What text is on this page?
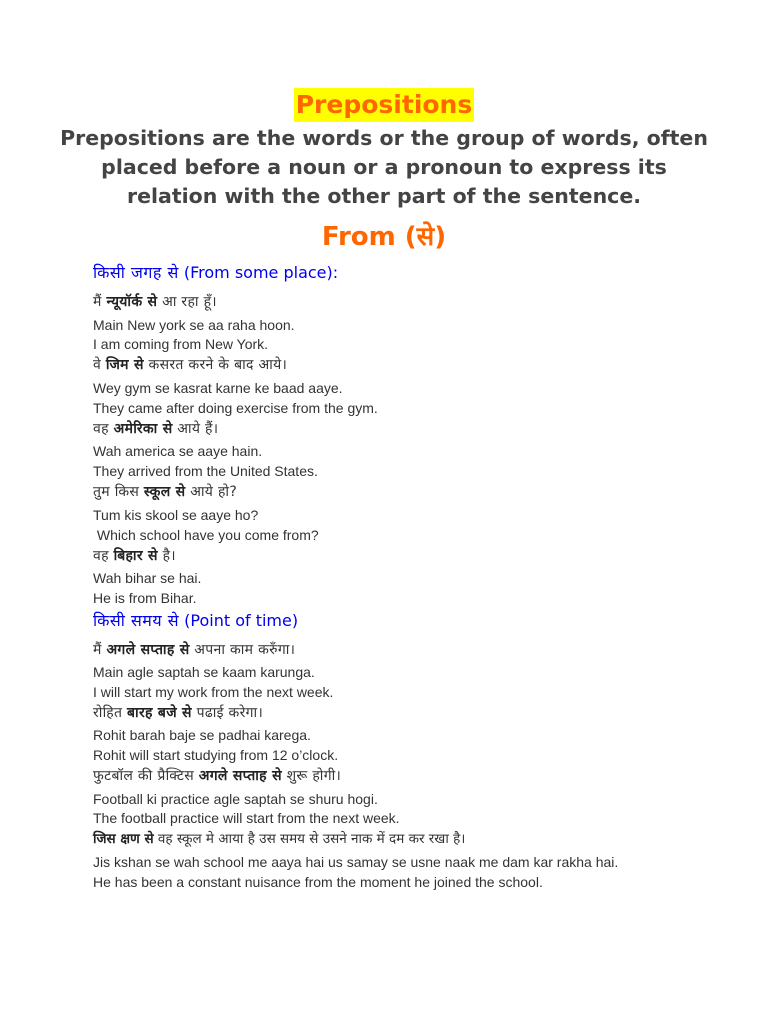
Prepositions
Prepositions are the words or the group of words, often placed before a noun or a pronoun to express its relation with the other part of the sentence.
From (से)
किसी जगह से (From some place):
मैं न्यूयॉर्क से आ रहा हूँ।
Main New york se aa raha hoon.
I am coming from New York.
वे जिम से कसरत करने के बाद आये।
Wey gym se kasrat karne ke baad aaye.
They came after doing exercise from the gym.
वह अमेरिका से आये हैं।
Wah america se aaye hain.
They arrived from the United States.
तुम किस स्कूल से आये हो?
Tum kis skool se aaye ho?
Which school have you come from?
वह बिहार से है।
Wah bihar se hai.
He is from Bihar.
किसी समय से (Point of time)
मैं अगले सप्ताह से अपना काम करुँगा।
Main agle saptah se kaam karunga.
I will start my work from the next week.
रोहित बारह बजे से पढाई करेगा।
Rohit barah baje se padhai karega.
Rohit will start studying from 12 o’clock.
फुटबॉल की प्रैक्टिस अगले सप्ताह से शुरू होगी।
Football ki practice agle saptah se shuru hogi.
The football practice will start from the next week.
जिस क्षण से वह स्कूल मे आया है उस समय से उसने नाक में दम कर रखा है।
Jis kshan se wah school me aaya hai us samay se usne naak me dam kar rakha hai.
He has been a constant nuisance from the moment he joined the school.
